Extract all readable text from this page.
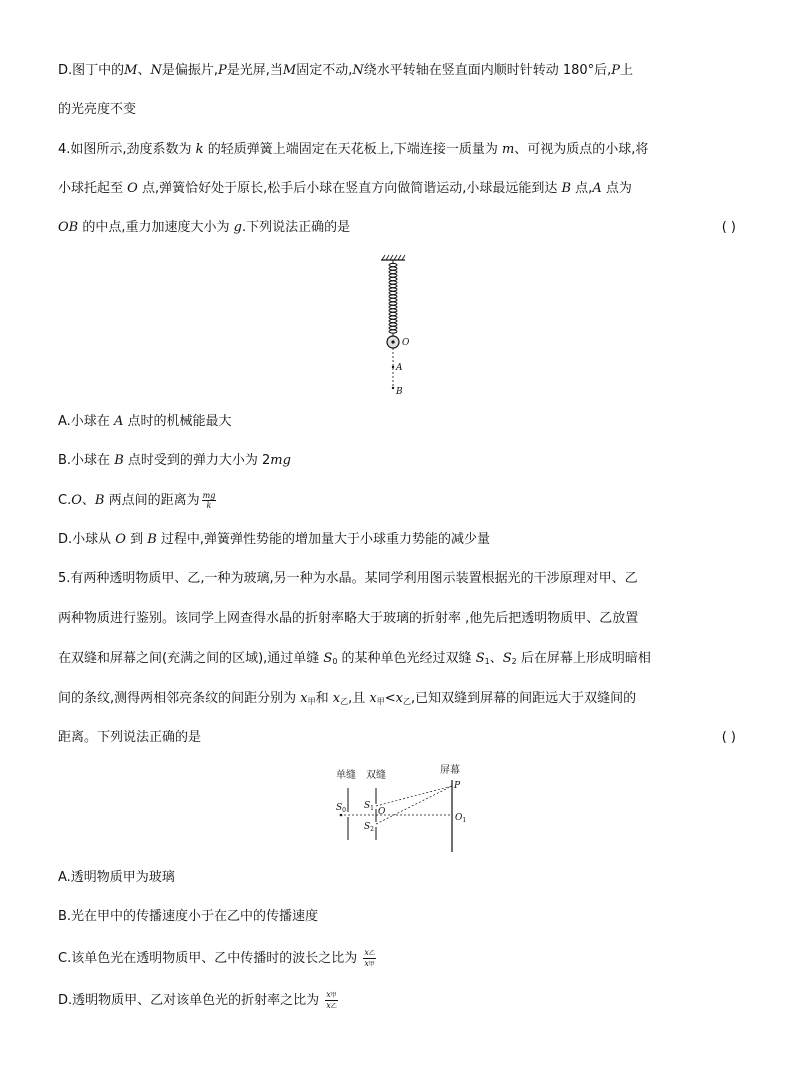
D.图丁中的M、N是偏振片,P是光屏,当M固定不动,N绕水平转轴在竖直面内顺时针转动 180°后,P上
的光亮度不变
4.如图所示,劲度系数为 k 的轻质弹簧上端固定在天花板上,下端连接一质量为 m、可视为质点的小球,将
小球托起至 O 点,弹簧恰好处于原长,松手后小球在竖直方向做简谐运动,小球最远能到达 B 点,A 点为
OB 的中点,重力加速度大小为 g.下列说法正确的是	( )
O
A
B
A.小球在 A 点时的机械能最大
B.小球在 B 点时受到的弹力大小为 2mg
C.O、B 两点间的距离为 $\frac{mg}{k}$
D.小球从 O 到 B 过程中,弹簧弹性势能的增加量大于小球重力势能的减少量
5.有两种透明物质甲、乙,一种为玻璃,另一种为水晶。某同学利用图示装置根据光的干涉原理对甲、乙
两种物质进行鉴别。该同学上网查得水晶的折射率略大于玻璃的折射率 ,他先后把透明物质甲、乙放置
在双缝和屏幕之间(充满之间的区域),通过单缝 $S_0$ 的某种单色光经过双缝 $S_1$、$S_2$ 后在屏幕上形成明暗相
间的条纹,测得两相邻亮条纹的间距分别为 $x_甲$和 $x_乙$,且 $x_甲<x_乙$,已知双缝到屏幕的间距远大于双缝间的
距离。下列说法正确的是	( )
单缝 双缝	屏幕
$S_0$ $S_1$
$S_2$
O
P
$O_1$
A.透明物质甲为玻璃
B.光在甲中的传播速度小于在乙中的传播速度
C.该单色光在透明物质甲、乙中传播时的波长之比为 $\frac{\text{x乙}}{\text{x甲}}$
D.透明物质甲、乙对该单色光的折射率之比为 $\frac{\text{x甲}}{\text{x乙}}$
